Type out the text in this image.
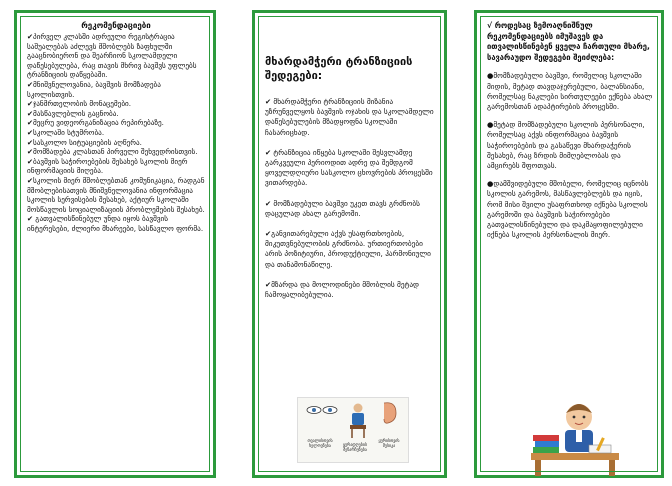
რეკომენდაციები
✔პირველ კლასში ადრეული რეგისტრაცია საშუალებას აძლევს მშობლებს ზაფხულში გააცნობიერონ და შეარჩიონ სკოლამდელი დაწესებულება, რაც თავის მხრივ ბავშვს უფლებს ტრანზიციის დაწყებაში.
✔მნიშვნელოვანია, ბავშვის მომზადება სკოლისთვის.
✔ჯანმრთელობის მონაცემები.
✔მასწავლებლის გაცნობა.
✔მეცრუ ვიდეორგანიზაცია რეპირებაზე.
✔სკოლაში სტუმრობა.
✔სასკოლო სიტუაციების აღწერა.
✔მომზადება კლასთან პირველი შეხვედრისთვის.
✔ბავშვის საჭიროებების შესახებ სკოლის მიერ ინფორმაციის მიღება.
✔სკოლის მიერ მშობლებთან კომუნიკაცია, რადგან მშობლებისათვის მნიშვნელოვანია ინფორმაცია სკოლის სერვისების შესახებ, აქტიურ სკოლაში მოსწავლის სოციალიზაციის პრობლემების შესახებ.
✔ გათვალისწინებულ უნდა იყოს ბავშვის ინტერესები, ძლიერი მხარეები, სასწავლო ფორმა.
მხარდამჭერი ტრანზიციის შედეგები:

✔ მხარდამჭერი ტრანზიციის მიზანია უზრუნველყოს ბავშვის ოჯახის და სკოლამდელი დაწესებულების მზადყოფნა სკოლაში ჩასარიცხად.

✔ ტრანზიცია იწყება სკოლაში შესვლამდე გარკვეული პერიოდით ადრე და შემდგომ ყოველდღიური სასკოლო ცხოვრების პროცესში ვითარდება.

✔ მომზადებული ბავშვი უკეთ თავს გრძნობს დაცულად ახალ გარემოში.

✔განვითარებული აქვს უსაფრთხოების, მიკუთვნებულობის გრძნობა. ურთიერთობები არის პოზიტიური, პროდუქტიული, ჰარმონიული და თანამონაწილე.

✔მზარდა და მოლოდინები მშობლის მეტად ჩამოყალიბებულია.

თვალისთვის ხელოვნება	ყურადღების შენარჩუნება
ყურისთვის მუსიკა
√ როდესაც ზემოაღნიშნულ რეკომენდაციებს იმუშავეს და ითვალისწინებენ ყველა ჩართული მხარე, სავარაუდო შედეგები შეიძლება:

●მომზადებული ბავშვი, რომელიც სკოლაში მიდის, მეტად თავდაჯერებული, ბალანსიანი, რომელსაც ნაკლები სირთულეები ექნება ახალ გარემოსთან ადაპტირების პროცესში.

●მეტად მომზადებული სკოლის პერსონალი, რომელსაც აქვს ინფორმაცია ბავშვის საჭიროებების და გასაწევი მხარდაჭერის შესახებ, რაც ზრდის მიმღებლობას და ამცირებს შფოთვას.

●დამშვიდებული მშობელი, რომელიც იცნობს სკოლის გარემოს, მასწავლებლებს და იცის, რომ მისი შვილი უსაფრთხოდ იქნება სკოლის გარემოში და ბავშვის საჭიროებები გათვალისწინებული და დაკმაყოფილებული იქნება სკოლის პერსონალის მიერ.
